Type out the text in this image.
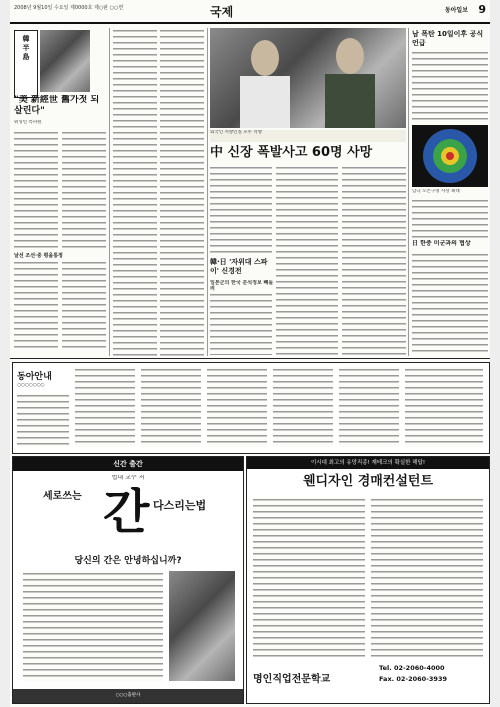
2008년 9월10일 수요일 제0000호 제○판 ○○면	국제	동아일보 9
韓
半
島
"美 新經世 舊가젓 되살린다"
워싱턴 특파원
날선 조선·중 평을통정
외국인 서방인질 모두 석방
中 신장 폭발사고 60명 사망
韓·日 '자위대 스파이' 신경전
일본군의 한국 분석정보 빼돌려
남 폭탄 10일이후 공식언급
남극 오존구멍 사상 최대
日 한중 미군과의 협상
동아안내
○○○○○○○
신간 출간
법대 교수 저
세로쓰는 간 다스리는법
당신의 간은 안녕하십니까?
○○○출판사
이시대 최고의 유망직종! 재테크의 확실한 해답!
웬디자인 경매컨설턴트
명인직업전문학교
Tel. 02-2060-4000
Fax. 02-2060-3939
